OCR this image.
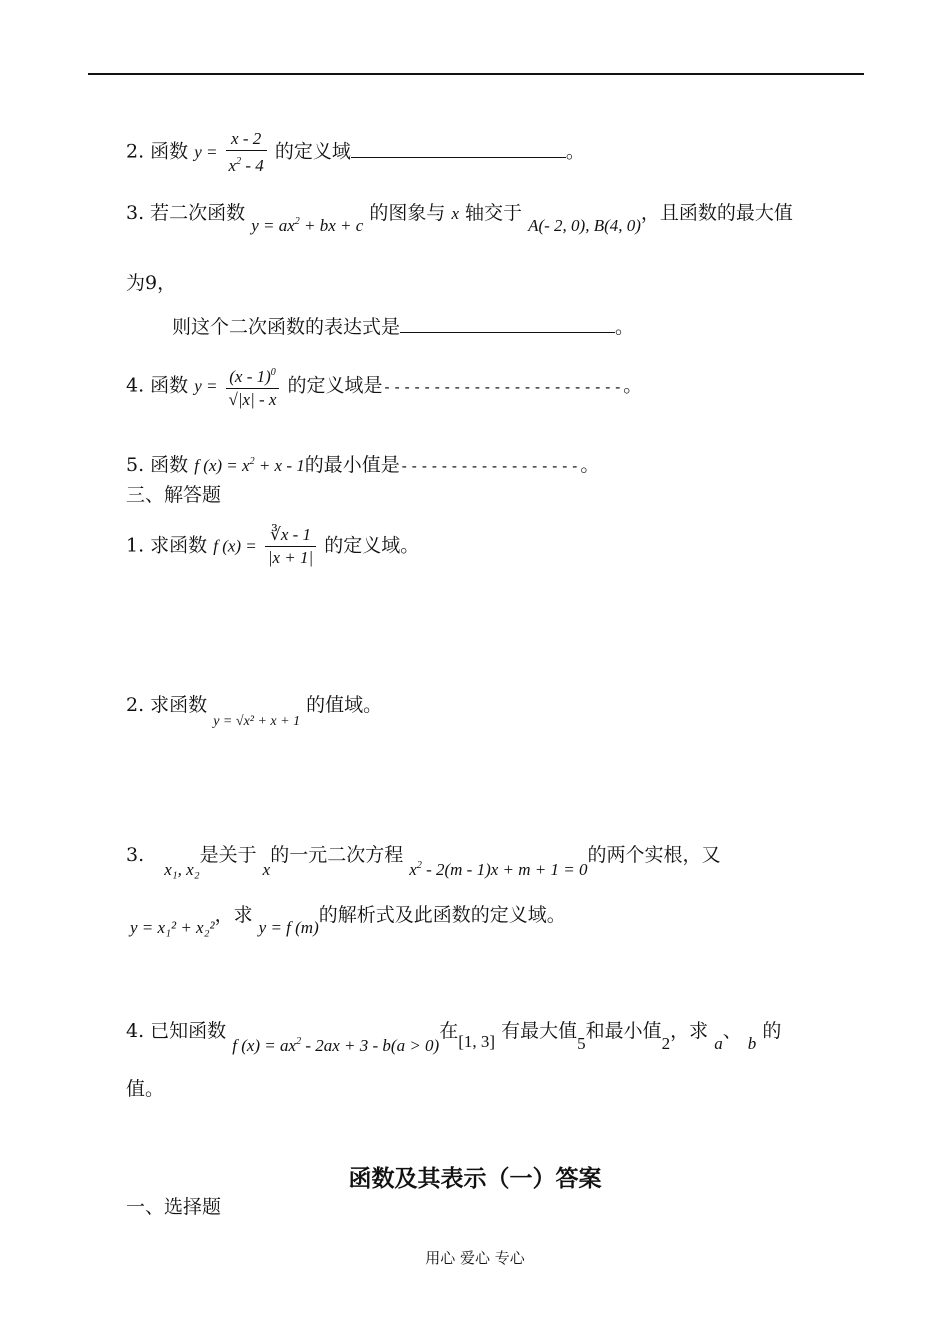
2. 函数 $y = \frac{x - 2}{x^2 - 4}$ 的定义域	。
3. 若二次函数 $y = ax^2$ + bx + c 的图象与 x 轴交于 A(- 2, 0), B(4, 0)，且函数的最大值
为9，
则这个二次函数的表达式是	。
4. 函数 $y = \frac{(x - 1)^0}{√|x| - x}$ 的定义域是------------------------。
5. 函数 f $(x) = x^2 + x - 1$的最小值是------------------。
三、解答题
1. 求函数 f $(x) = \frac{∛x - 1}{|x + 1|}$ 的定义域。
2. 求函数 $_{y = √x^2 + x + 1}$ 的值域。
3. x₁, x₂是关于 x的一元二次方程 $x^2 - 2(m - 1)x + m + 1 = 0$的两个实根，又
y = x₁² + x₂²，求 y = f (m)的解析式及此函数的定义域。
4. 已知函数 f $(x) = ax^2 - 2ax + 3 - b(a > 0)$在[1, 3] 有最大值5和最小值2，求 a、 b 的
值。
函数及其表示（一）答案
一、选择题
用心 爱心 专心
